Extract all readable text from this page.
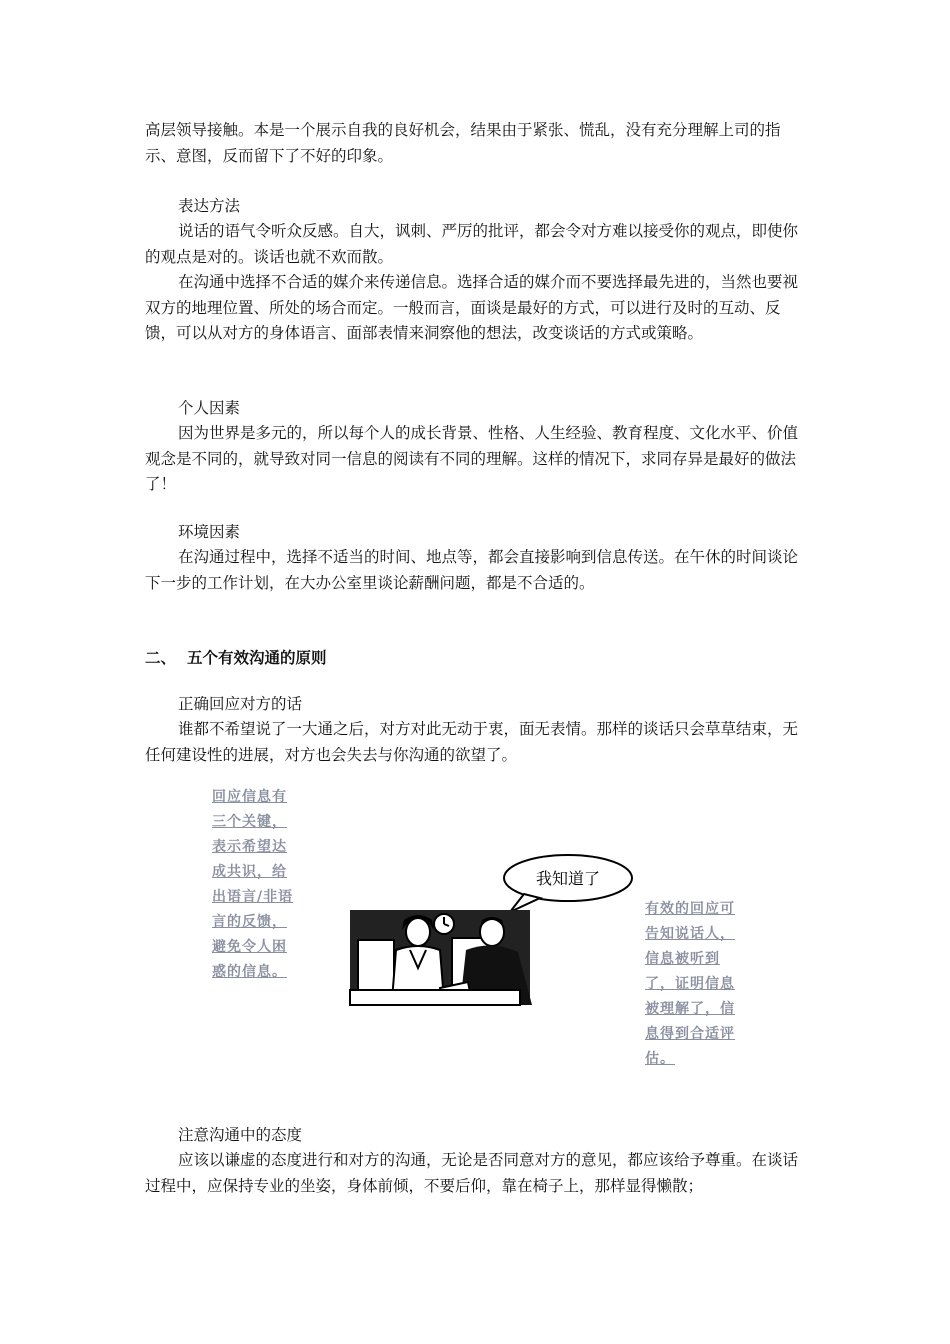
高层领导接触。本是一个展示自我的良好机会，结果由于紧张、慌乱，没有充分理解上司的指示、意图，反而留下了不好的印象。

表达方法

说话的语气令听众反感。自大，讽刺、严厉的批评，都会令对方难以接受你的观点，即使你的观点是对的。谈话也就不欢而散。

在沟通中选择不合适的媒介来传递信息。选择合适的媒介而不要选择最先进的，当然也要视双方的地理位置、所处的场合而定。一般而言，面谈是最好的方式，可以进行及时的互动、反馈，可以从对方的身体语言、面部表情来洞察他的想法，改变谈话的方式或策略。

个人因素

因为世界是多元的，所以每个人的成长背景、性格、人生经验、教育程度、文化水平、价值观念是不同的，就导致对同一信息的阅读有不同的理解。这样的情况下，求同存异是最好的做法了！

环境因素

在沟通过程中，选择不适当的时间、地点等，都会直接影响到信息传送。在午休的时间谈论下一步的工作计划，在大办公室里谈论薪酬问题，都是不合适的。

二、 五个有效沟通的原则

正确回应对方的话

谁都不希望说了一大通之后，对方对此无动于衷，面无表情。那样的谈话只会草草结束，无任何建设性的进展，对方也会失去与你沟通的欲望了。

回应信息有三个关键，表示希望达成共识，给出语言/非语言的反馈，避免令人困惑的信息。
我知道了
有效的回应可告知说话人，信息被听到了，证明信息被理解了，信息得到合适评估。

注意沟通中的态度

应该以谦虚的态度进行和对方的沟通，无论是否同意对方的意见，都应该给予尊重。在谈话过程中，应保持专业的坐姿，身体前倾，不要后仰，靠在椅子上，那样显得懒散；
